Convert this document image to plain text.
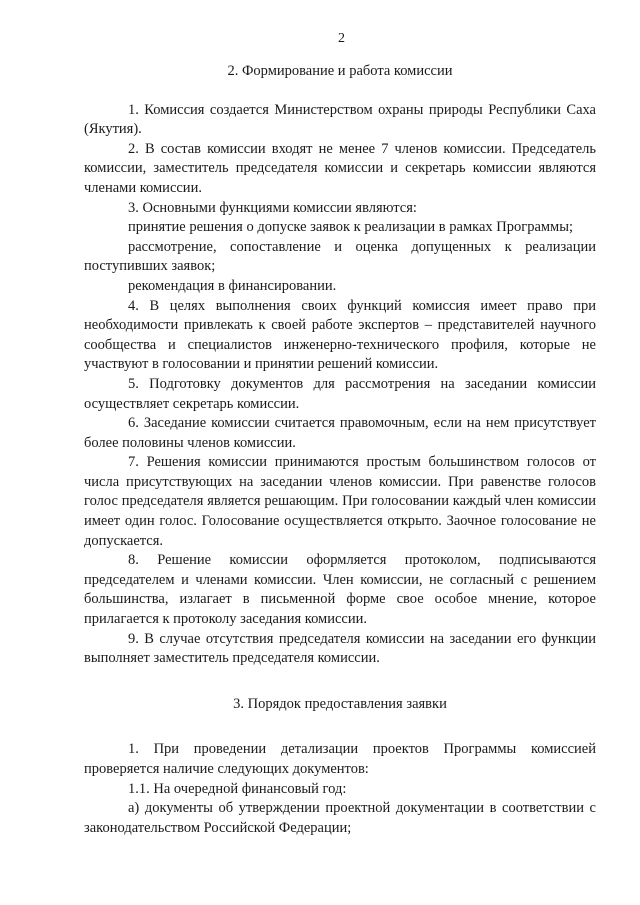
2

2. Формирование и работа комиссии

1. Комиссия создается Министерством охраны природы Республики Саха (Якутия).

2. В состав комиссии входят не менее 7 членов комиссии. Председатель комиссии, заместитель председателя комиссии и секретарь комиссии являются членами комиссии.

3. Основными функциями комиссии являются:

принятие решения о допуске заявок к реализации в рамках Программы;

рассмотрение, сопоставление и оценка допущенных к реализации поступивших заявок;

рекомендация в финансировании.

4. В целях выполнения своих функций комиссия имеет право при необходимости привлекать к своей работе экспертов – представителей научного сообщества и специалистов инженерно-технического профиля, которые не участвуют в голосовании и принятии решений комиссии.

5. Подготовку документов для рассмотрения на заседании комиссии осуществляет секретарь комиссии.

6. Заседание комиссии считается правомочным, если на нем присутствует более половины членов комиссии.

7. Решения комиссии принимаются простым большинством голосов от числа присутствующих на заседании членов комиссии. При равенстве голосов голос председателя является решающим. При голосовании каждый член комиссии имеет один голос. Голосование осуществляется открыто. Заочное голосование не допускается.

8. Решение комиссии оформляется протоколом, подписываются председателем и членами комиссии. Член комиссии, не согласный с решением большинства, излагает в письменной форме свое особое мнение, которое прилагается к протоколу заседания комиссии.

9. В случае отсутствия председателя комиссии на заседании его функции выполняет заместитель председателя комиссии.

3. Порядок предоставления заявки

1. При проведении детализации проектов Программы комиссией проверяется наличие следующих документов:

1.1. На очередной финансовый год:

а) документы об утверждении проектной документации в соответствии с законодательством Российской Федерации;
